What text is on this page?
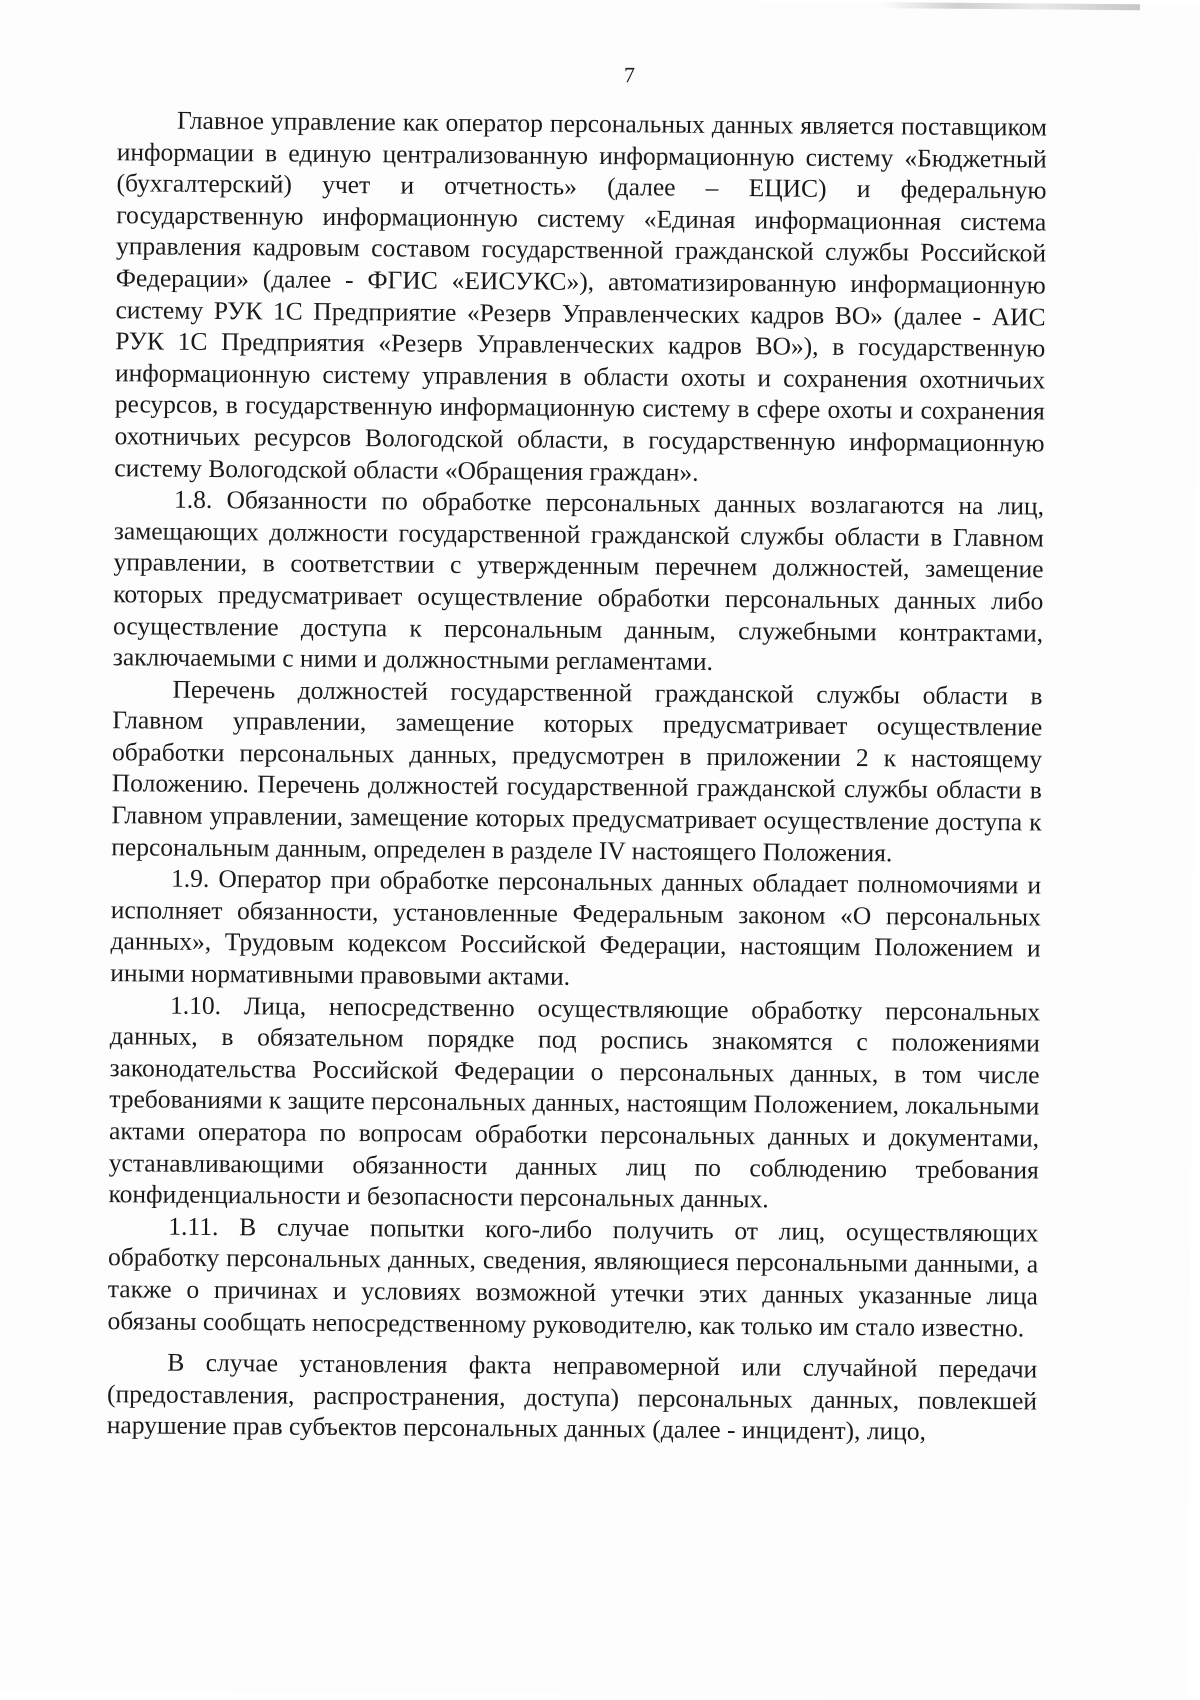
7

Главное управление как оператор персональных данных является поставщиком информации в единую централизованную информационную систему «Бюджетный (бухгалтерский) учет и отчетность» (далее – ЕЦИС) и федеральную государственную информационную систему «Единая информационная система управления кадровым составом государственной гражданской службы Российской Федерации» (далее - ФГИС «ЕИСУКС»), автоматизированную информационную систему РУК 1С Предприятие «Резерв Управленческих кадров ВО» (далее - АИС РУК 1С Предприятия «Резерв Управленческих кадров ВО»), в государственную информационную систему управления в области охоты и сохранения охотничьих ресурсов, в государственную информационную систему в сфере охоты и сохранения охотничьих ресурсов Вологодской области, в государственную информационную систему Вологодской области «Обращения граждан».

1.8. Обязанности по обработке персональных данных возлагаются на лиц, замещающих должности государственной гражданской службы области в Главном управлении, в соответствии с утвержденным перечнем должностей, замещение которых предусматривает осуществление обработки персональных данных либо осуществление доступа к персональным данным, служебными контрактами, заключаемыми с ними и должностными регламентами.

Перечень должностей государственной гражданской службы области в Главном управлении, замещение которых предусматривает осуществление обработки персональных данных, предусмотрен в приложении 2 к настоящему Положению. Перечень должностей государственной гражданской службы области в Главном управлении, замещение которых предусматривает осуществление доступа к персональным данным, определен в разделе IV настоящего Положения.

1.9. Оператор при обработке персональных данных обладает полномочиями и исполняет обязанности, установленные Федеральным законом «О персональных данных», Трудовым кодексом Российской Федерации, настоящим Положением и иными нормативными правовыми актами.

1.10. Лица, непосредственно осуществляющие обработку персональных данных, в обязательном порядке под роспись знакомятся с положениями законодательства Российской Федерации о персональных данных, в том числе требованиями к защите персональных данных, настоящим Положением, локальными актами оператора по вопросам обработки персональных данных и документами, устанавливающими обязанности данных лиц по соблюдению требования конфиденциальности и безопасности персональных данных.

1.11. В случае попытки кого-либо получить от лиц, осуществляющих обработку персональных данных, сведения, являющиеся персональными данными, а также о причинах и условиях возможной утечки этих данных указанные лица обязаны сообщать непосредственному руководителю, как только им стало известно.

В случае установления факта неправомерной или случайной передачи (предоставления, распространения, доступа) персональных данных, повлекшей нарушение прав субъектов персональных данных (далее - инцидент), лицо,
